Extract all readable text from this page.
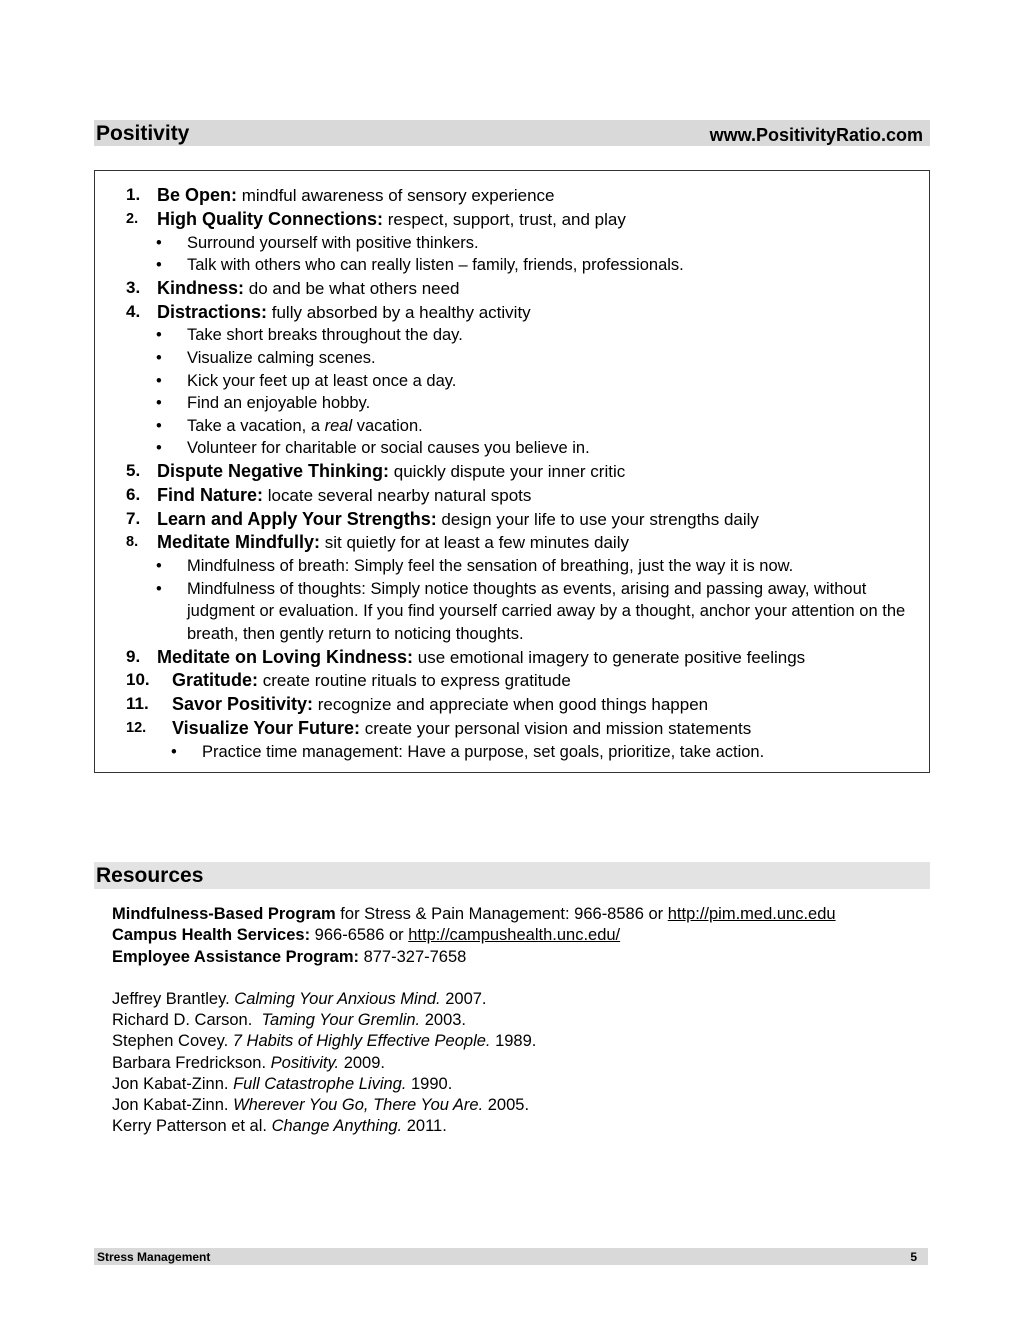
Positivity	www.PositivityRatio.com
1. Be Open: mindful awareness of sensory experience
2. High Quality Connections: respect, support, trust, and play
• Surround yourself with positive thinkers.
• Talk with others who can really listen – family, friends, professionals.
3. Kindness: do and be what others need
4. Distractions: fully absorbed by a healthy activity
• Take short breaks throughout the day.
• Visualize calming scenes.
• Kick your feet up at least once a day.
• Find an enjoyable hobby.
• Take a vacation, a real vacation.
• Volunteer for charitable or social causes you believe in.
5. Dispute Negative Thinking: quickly dispute your inner critic
6. Find Nature: locate several nearby natural spots
7. Learn and Apply Your Strengths: design your life to use your strengths daily
8. Meditate Mindfully: sit quietly for at least a few minutes daily
• Mindfulness of breath: Simply feel the sensation of breathing, just the way it is now.
• Mindfulness of thoughts: Simply notice thoughts as events, arising and passing away, without judgment or evaluation. If you find yourself carried away by a thought, anchor your attention on the breath, then gently return to noticing thoughts.
9. Meditate on Loving Kindness: use emotional imagery to generate positive feelings
10. Gratitude: create routine rituals to express gratitude
11. Savor Positivity: recognize and appreciate when good things happen
12. Visualize Your Future: create your personal vision and mission statements
• Practice time management: Have a purpose, set goals, prioritize, take action.
Resources
Mindfulness-Based Program for Stress & Pain Management: 966-8586 or http://pim.med.unc.edu
Campus Health Services: 966-6586 or http://campushealth.unc.edu/
Employee Assistance Program: 877-327-7658
Jeffrey Brantley. Calming Your Anxious Mind. 2007.
Richard D. Carson.  Taming Your Gremlin. 2003.
Stephen Covey. 7 Habits of Highly Effective People. 1989.
Barbara Fredrickson. Positivity. 2009.
Jon Kabat-Zinn. Full Catastrophe Living. 1990.
Jon Kabat-Zinn. Wherever You Go, There You Are. 2005.
Kerry Patterson et al. Change Anything. 2011.
Stress Management	5
